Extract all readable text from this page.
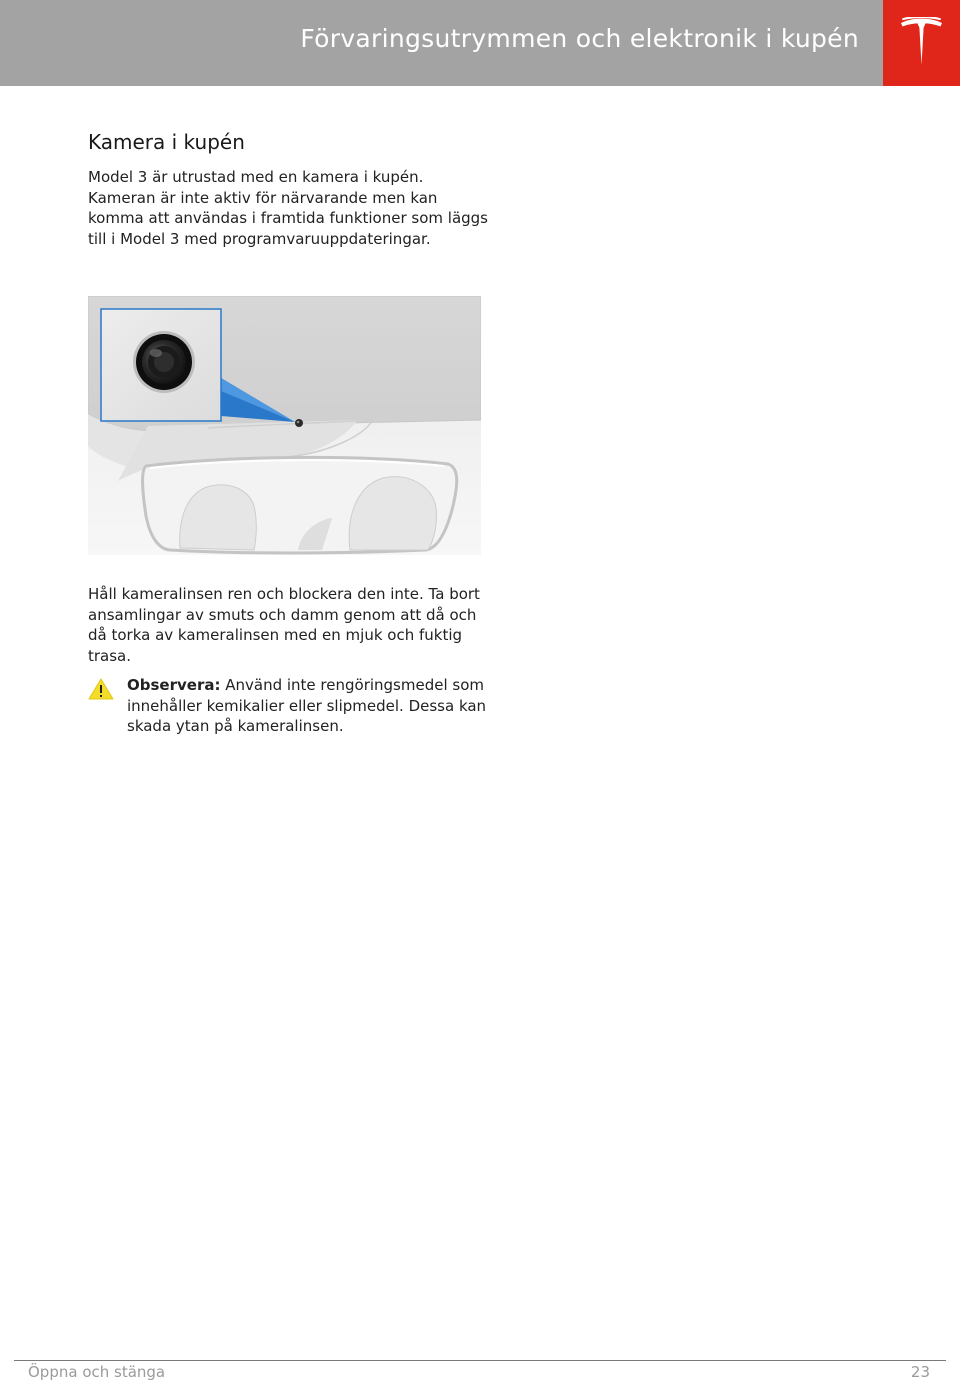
Förvaringsutrymmen och elektronik i kupén
Kamera i kupén
Model 3 är utrustad med en kamera i kupén. Kameran är inte aktiv för närvarande men kan komma att användas i framtida funktioner som läggs till i Model 3 med programvaruuppdateringar.
Håll kameralinsen ren och blockera den inte. Ta bort ansamlingar av smuts och damm genom att då och då torka av kameralinsen med en mjuk och fuktig trasa.
Observera: Använd inte rengöringsmedel som innehåller kemikalier eller slipmedel. Dessa kan skada ytan på kameralinsen.
Öppna och stänga	23
